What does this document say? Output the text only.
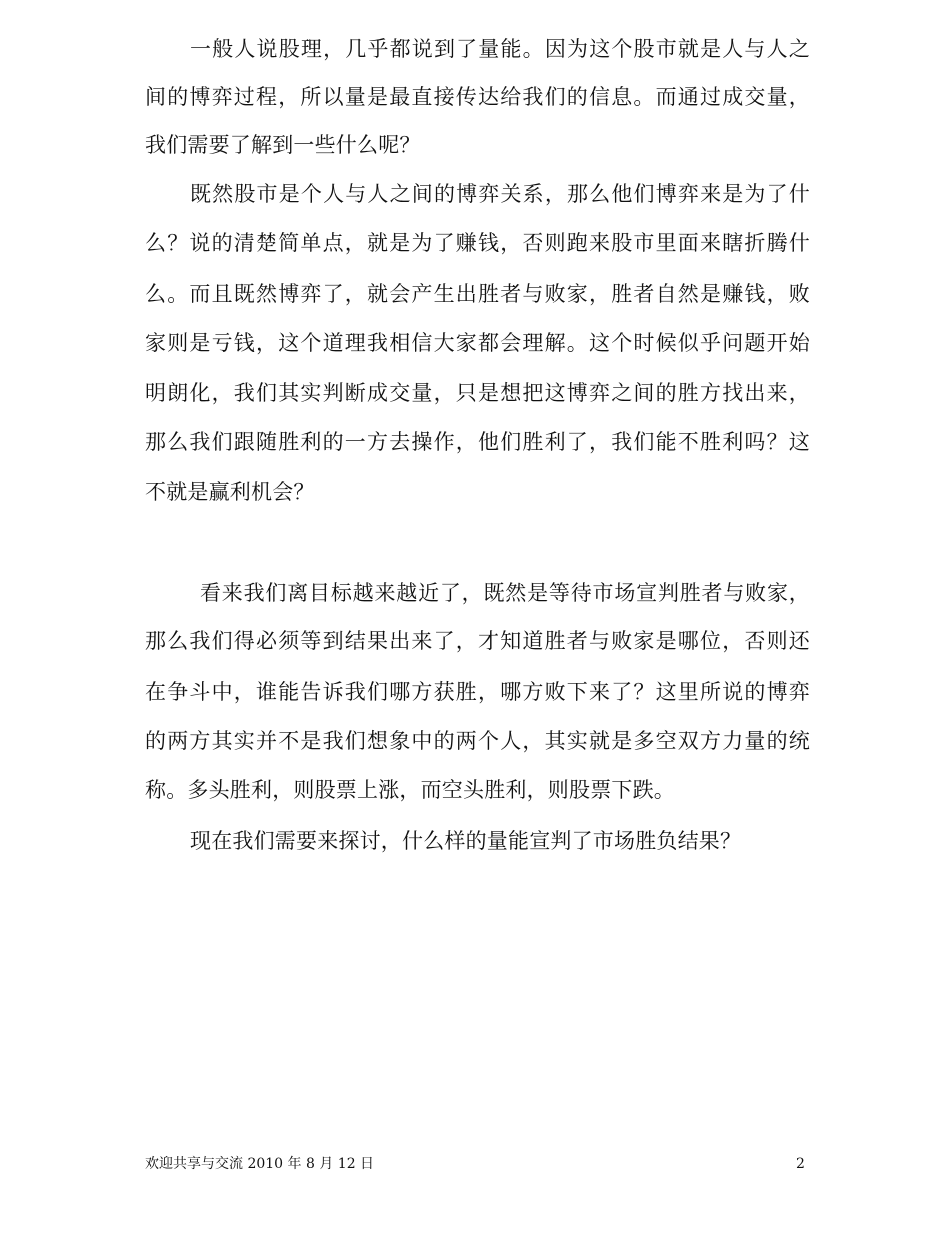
一般人说股理，几乎都说到了量能。因为这个股市就是人与人之
间的博弈过程，所以量是最直接传达给我们的信息。而通过成交量，
我们需要了解到一些什么呢？
既然股市是个人与人之间的博弈关系，那么他们博弈来是为了什
么？说的清楚简单点，就是为了赚钱，否则跑来股市里面来瞎折腾什
么。而且既然博弈了，就会产生出胜者与败家，胜者自然是赚钱，败
家则是亏钱，这个道理我相信大家都会理解。这个时候似乎问题开始
明朗化，我们其实判断成交量，只是想把这博弈之间的胜方找出来，
那么我们跟随胜利的一方去操作，他们胜利了，我们能不胜利吗？这
不就是赢利机会？
看来我们离目标越来越近了，既然是等待市场宣判胜者与败家，
那么我们得必须等到结果出来了，才知道胜者与败家是哪位，否则还
在争斗中，谁能告诉我们哪方获胜，哪方败下来了？这里所说的博弈
的两方其实并不是我们想象中的两个人，其实就是多空双方力量的统
称。多头胜利，则股票上涨，而空头胜利，则股票下跌。
现在我们需要来探讨，什么样的量能宣判了市场胜负结果？
欢迎共享与交流 2010 年 8 月 12 日	2
